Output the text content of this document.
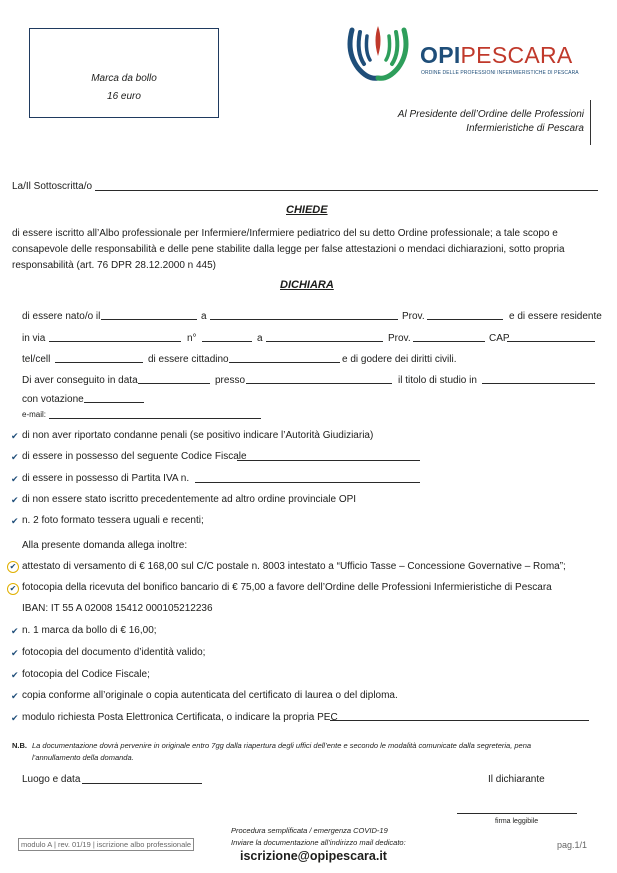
Marca da bollo
16 euro
OPIPESCARA
ORDINE DELLE PROFESSIONI INFERMIERISTICHE DI PESCARA
Al Presidente dell’Ordine delle Professioni
Infermieristiche di Pescara
La/Il Sottoscritta/o
CHIEDE
di essere iscritto all’Albo professionale per Infermiere/Infermiere pediatrico del su detto Ordine professionale; a tale scopo e consapevole delle responsabilità e delle pene stabilite dalla legge per false attestazioni o mendaci dichiarazioni, sotto propria responsabilità (art. 76 DPR 28.12.2000 n 445)
DICHIARA
di essere nato/o il	a	Prov.	e di essere residente
in via	n°	a	Prov.	CAP
tel/cell	di essere cittadino	e di godere dei diritti civili.
Di aver conseguito in data	presso	il titolo di studio in
con votazione
e-mail:
✔ di non aver riportato condanne penali (se positivo indicare l’Autorità Giudiziaria)
✔ di essere in possesso del seguente Codice Fiscale
✔ di essere in possesso di Partita IVA n.
✔ di non essere stato iscritto precedentemente ad altro ordine provinciale OPI
✔ n. 2 foto formato tessera uguali e recenti;
Alla presente domanda allega inoltre:
✔ attestato di versamento di € 168,00 sul C/C postale n. 8003 intestato a “Ufficio Tasse – Concessione Governative – Roma”;
✔ fotocopia della ricevuta del bonifico bancario di € 75,00 a favore dell’Ordine delle Professioni Infermieristiche di Pescara
IBAN: IT 55 A 02008 15412 000105212236
✔ n. 1 marca da bollo di € 16,00;
✔ fotocopia del documento d’identità valido;
✔ fotocopia del Codice Fiscale;
✔ copia conforme all’originale o copia autenticata del certificato di laurea o del diploma.
✔ modulo richiesta Posta Elettronica Certificata, o indicare la propria PEC
N.B. La documentazione dovrà pervenire in originale entro 7gg dalla riapertura degli uffici dell’ente e secondo le modalità comunicate dalla segreteria, pena
l’annullamento della domanda.
Luogo e data	Il dichiarante
firma leggibile
modulo A | rev. 01/19 | iscrizione albo professionale
Procedura semplificata / emergenza COVID-19
Inviare la documentazione all’indirizzo mail dedicato:
iscrizione@opipescara.it
pag.1/1
